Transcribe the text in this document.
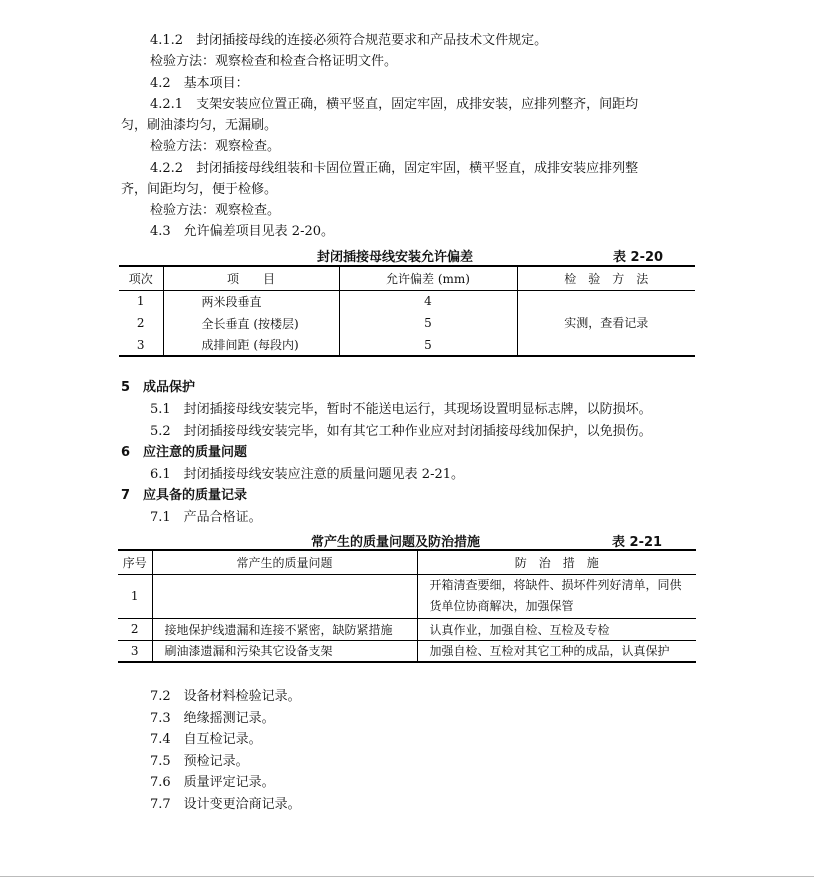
4.1.2　封闭插接母线的连接必须符合规范要求和产品技术文件规定。
检验方法：观察检查和检查合格证明文件。
4.2　基本项目：
4.2.1　支架安装应位置正确，横平竖直，固定牢固，成排安装，应排列整齐，间距均
匀，刷油漆均匀，无漏刷。
检验方法：观察检查。
4.2.2　封闭插接母线组装和卡固位置正确，固定牢固，横平竖直，成排安装应排列整
齐，间距均匀，便于检修。
检验方法：观察检查。
4.3　允许偏差项目见表 2-20。
封闭插接母线安装允许偏差	表 2-20
项次	项　　目	允许偏差 (mm)	检　验　方　法
1	两米段垂直	4	实测，查看记录
2	全长垂直 (按楼层)	5	
3	成排间距 (每段内)	5	
5　成品保护
5.1　封闭插接母线安装完毕，暂时不能送电运行，其现场设置明显标志牌，以防损坏。
5.2　封闭插接母线安装完毕，如有其它工种作业应对封闭插接母线加保护，以免损伤。
6　应注意的质量问题
6.1　封闭插接母线安装应注意的质量问题见表 2-21。
7　应具备的质量记录
7.1　产品合格证。
常产生的质量问题及防治措施	表 2-21
序号	常产生的质量问题	防　治　措　施
1		开箱清查要细，将缺件、损坏件列好清单，同供
货单位协商解决，加强保管

2	接地保护线遗漏和连接不紧密，缺防紧措施	认真作业，加强自检、互检及专检
3	刷油漆遗漏和污染其它设备支架	加强自检、互检对其它工种的成品，认真保护
7.2　设备材料检验记录。
7.3　绝缘摇测记录。
7.4　自互检记录。
7.5　预检记录。
7.6　质量评定记录。
7.7　设计变更洽商记录。
